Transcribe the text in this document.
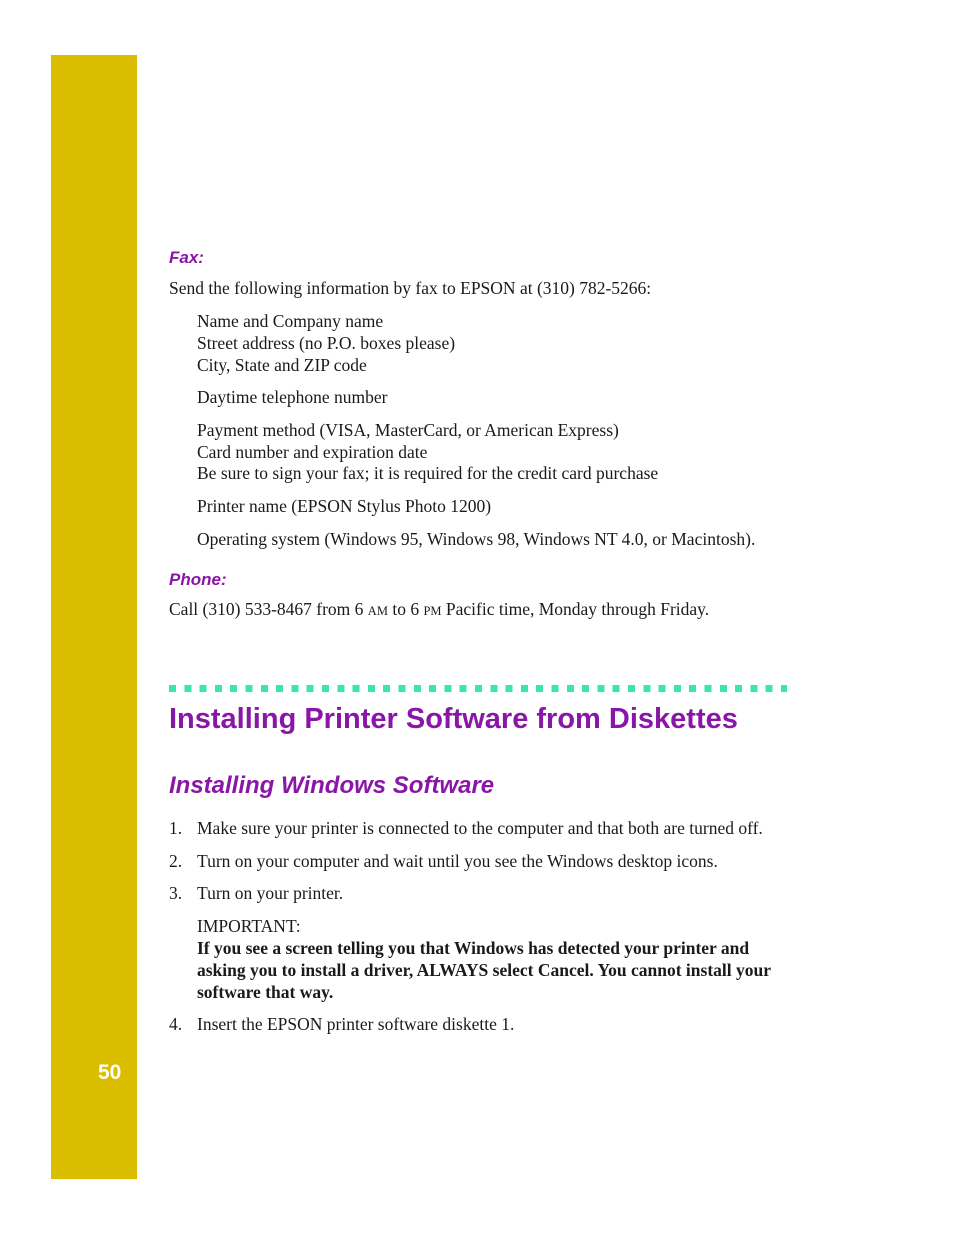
50
Fax:
Send the following information by fax to EPSON at (310) 782-5266:
Name and Company name
Street address (no P.O. boxes please)
City, State and ZIP code
Daytime telephone number
Payment method (VISA, MasterCard, or American Express)
Card number and expiration date
Be sure to sign your fax; it is required for the credit card purchase
Printer name (EPSON Stylus Photo 1200)
Operating system (Windows 95, Windows 98, Windows NT 4.0, or Macintosh).
Phone:
Call (310) 533-8467 from 6 AM to 6 PM Pacific time, Monday through Friday.
Installing Printer Software from Diskettes
Installing Windows Software
1. Make sure your printer is connected to the computer and that both are turned off.
2. Turn on your computer and wait until you see the Windows desktop icons.
3. Turn on your printer.
IMPORTANT:
If you see a screen telling you that Windows has detected your printer and
asking you to install a driver, ALWAYS select Cancel. You cannot install your
software that way.
4. Insert the EPSON printer software diskette 1.
